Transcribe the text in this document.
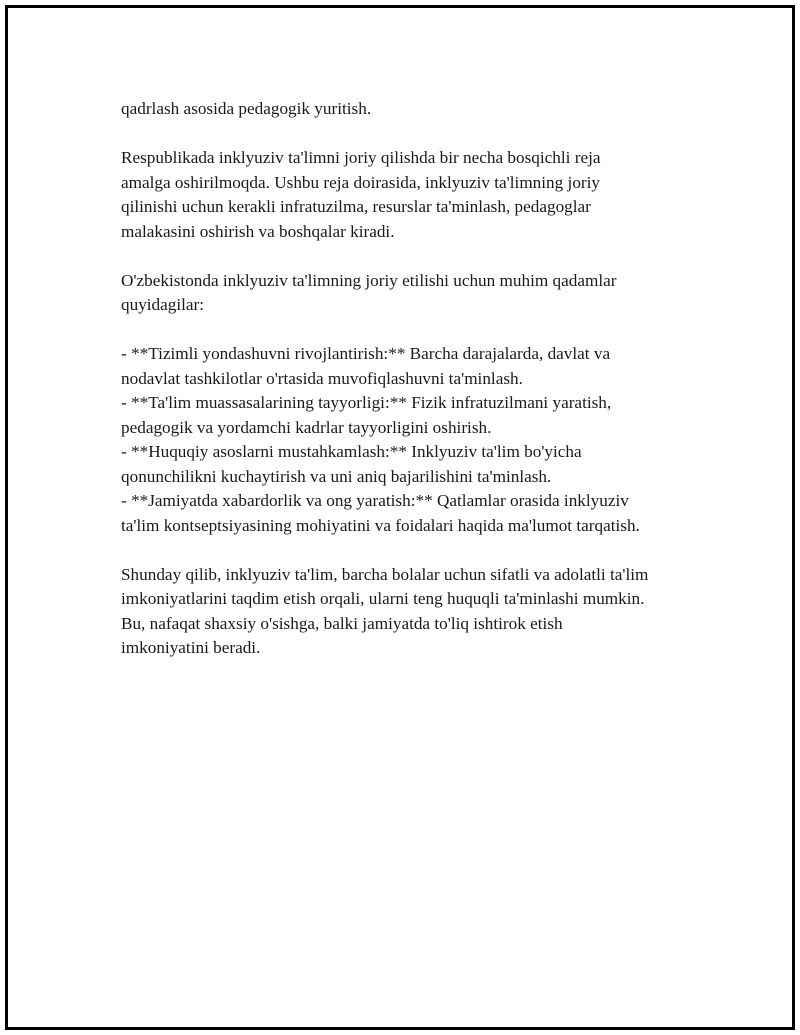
qadrlash asosida pedagogik yuritish.

Respublikada inklyuziv ta'limni joriy qilishda bir necha bosqichli reja
amalga oshirilmoqda. Ushbu reja doirasida, inklyuziv ta'limning joriy
qilinishi uchun kerakli infratuzilma, resurslar ta'minlash, pedagoglar
malakasini oshirish va boshqalar kiradi.

O'zbekistonda inklyuziv ta'limning joriy etilishi uchun muhim qadamlar
quyidagilar:

- **Tizimli yondashuvni rivojlantirish:** Barcha darajalarda, davlat va
nodavlat tashkilotlar o'rtasida muvofiqlashuvni ta'minlash.
- **Ta'lim muassasalarining tayyorligi:** Fizik infratuzilmani yaratish,
pedagogik va yordamchi kadrlar tayyorligini oshirish.
- **Huquqiy asoslarni mustahkamlash:** Inklyuziv ta'lim bo'yicha
qonunchilikni kuchaytirish va uni aniq bajarilishini ta'minlash.
- **Jamiyatda xabardorlik va ong yaratish:** Qatlamlar orasida inklyuziv
ta'lim kontseptsiyasining mohiyatini va foidalari haqida ma'lumot tarqatish.

Shunday qilib, inklyuziv ta'lim, barcha bolalar uchun sifatli va adolatli ta'lim
imkoniyatlarini taqdim etish orqali, ularni teng huquqli ta'minlashi mumkin.
Bu, nafaqat shaxsiy o'sishga, balki jamiyatda to'liq ishtirok etish
imkoniyatini beradi.
